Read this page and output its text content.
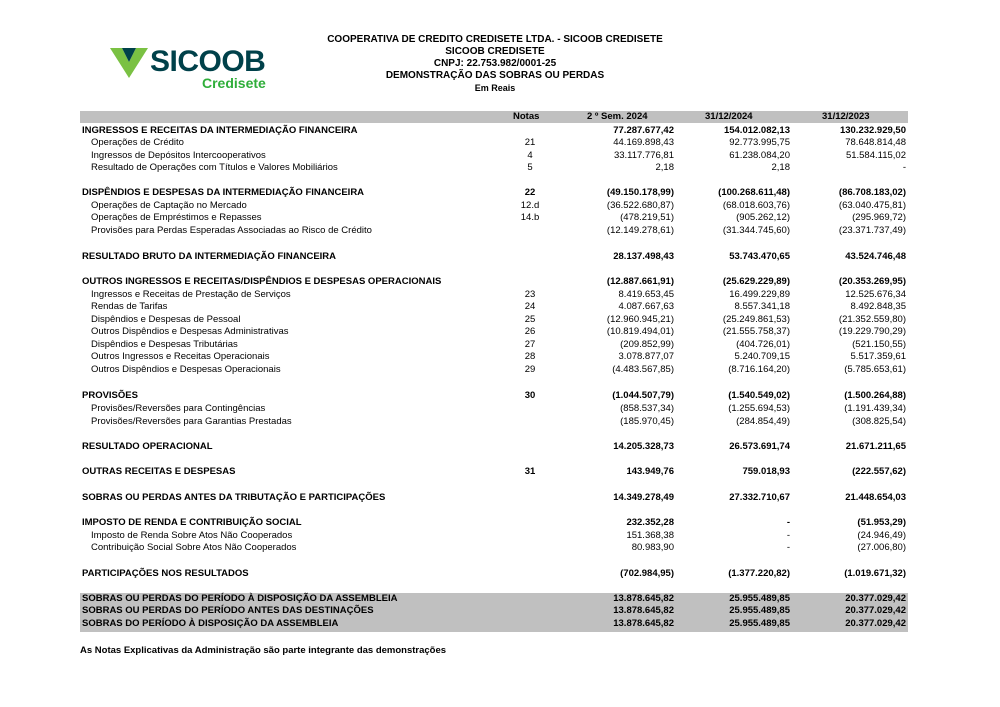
SICOOB
Credisete
COOPERATIVA DE CREDITO CREDISETE LTDA. - SICOOB CREDISETE
SICOOB CREDISETE
CNPJ: 22.753.982/0001-25
DEMONSTRAÇÃO DAS SOBRAS OU PERDAS
Em Reais
Notas	2 º Sem. 2024	31/12/2024	31/12/2023
INGRESSOS E RECEITAS DA INTERMEDIAÇÃO FINANCEIRA	77.287.677,42	154.012.082,13	130.232.929,50
Operações de Crédito	21	44.169.898,43	92.773.995,75	78.648.814,48
Ingressos de Depósitos Intercooperativos	4	33.117.776,81	61.238.084,20	51.584.115,02
Resultado de Operações com Títulos e Valores Mobiliários	5	2,18	2,18	-
DISPÊNDIOS E DESPESAS DA INTERMEDIAÇÃO FINANCEIRA	22	(49.150.178,99)	(100.268.611,48)	(86.708.183,02)
Operações de Captação no Mercado	12.d	(36.522.680,87)	(68.018.603,76)	(63.040.475,81)
Operações de Empréstimos e Repasses	14.b	(478.219,51)	(905.262,12)	(295.969,72)
Provisões para Perdas Esperadas Associadas ao Risco de Crédito	(12.149.278,61)	(31.344.745,60)	(23.371.737,49)
RESULTADO BRUTO DA INTERMEDIAÇÃO FINANCEIRA	28.137.498,43	53.743.470,65	43.524.746,48
OUTROS INGRESSOS E RECEITAS/DISPÊNDIOS E DESPESAS OPERACIONAIS	(12.887.661,91)	(25.629.229,89)	(20.353.269,95)
Ingressos e Receitas de Prestação de Serviços	23	8.419.653,45	16.499.229,89	12.525.676,34
Rendas de Tarifas	24	4.087.667,63	8.557.341,18	8.492.848,35
Dispêndios e Despesas de Pessoal	25	(12.960.945,21)	(25.249.861,53)	(21.352.559,80)
Outros Dispêndios e Despesas Administrativas	26	(10.819.494,01)	(21.555.758,37)	(19.229.790,29)
Dispêndios e Despesas Tributárias	27	(209.852,99)	(404.726,01)	(521.150,55)
Outros Ingressos e Receitas Operacionais	28	3.078.877,07	5.240.709,15	5.517.359,61
Outros Dispêndios e Despesas Operacionais	29	(4.483.567,85)	(8.716.164,20)	(5.785.653,61)
PROVISÕES	30	(1.044.507,79)	(1.540.549,02)	(1.500.264,88)
Provisões/Reversões para Contingências	(858.537,34)	(1.255.694,53)	(1.191.439,34)
Provisões/Reversões para Garantias Prestadas	(185.970,45)	(284.854,49)	(308.825,54)
RESULTADO OPERACIONAL	14.205.328,73	26.573.691,74	21.671.211,65
OUTRAS RECEITAS E DESPESAS	31	143.949,76	759.018,93	(222.557,62)
SOBRAS OU PERDAS ANTES DA TRIBUTAÇÃO E PARTICIPAÇÕES	14.349.278,49	27.332.710,67	21.448.654,03
IMPOSTO DE RENDA E CONTRIBUIÇÃO SOCIAL	232.352,28	-	(51.953,29)
Imposto de Renda Sobre Atos Não Cooperados	151.368,38	-	(24.946,49)
Contribuição Social Sobre Atos Não Cooperados	80.983,90	-	(27.006,80)
PARTICIPAÇÕES NOS RESULTADOS	(702.984,95)	(1.377.220,82)	(1.019.671,32)
SOBRAS OU PERDAS DO PERÍODO À DISPOSIÇÃO DA ASSEMBLEIA	13.878.645,82	25.955.489,85	20.377.029,42
SOBRAS OU PERDAS DO PERÍODO ANTES DAS DESTINAÇÕES	13.878.645,82	25.955.489,85	20.377.029,42
SOBRAS DO PERÍODO À DISPOSIÇÃO DA ASSEMBLEIA	13.878.645,82	25.955.489,85	20.377.029,42
As Notas Explicativas da Administração são parte integrante das demonstrações
